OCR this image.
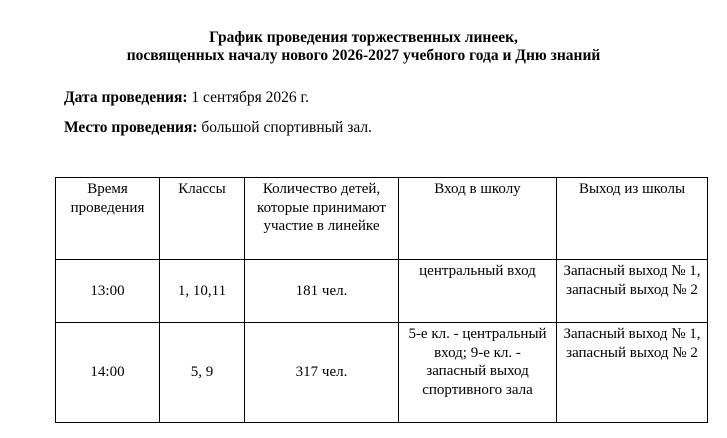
График проведения торжественных линеек,

посвященных началу нового 2026-2027 учебного года и Дню знаний

Дата проведения: 1 сентября 2026 г.

Место проведения: большой спортивный зал.

Время проведения	Классы	Количество детей, которые принимают участие в линейке	Вход в школу	Выход из школы
13:00	1, 10,11	181 чел.	центральный вход	Запасный выход № 1, запасный выход № 2
14:00	5, 9	317 чел.	5-е кл. - центральный вход; 9-е кл. - запасный выход спортивного зала	Запасный выход № 1, запасный выход № 2
